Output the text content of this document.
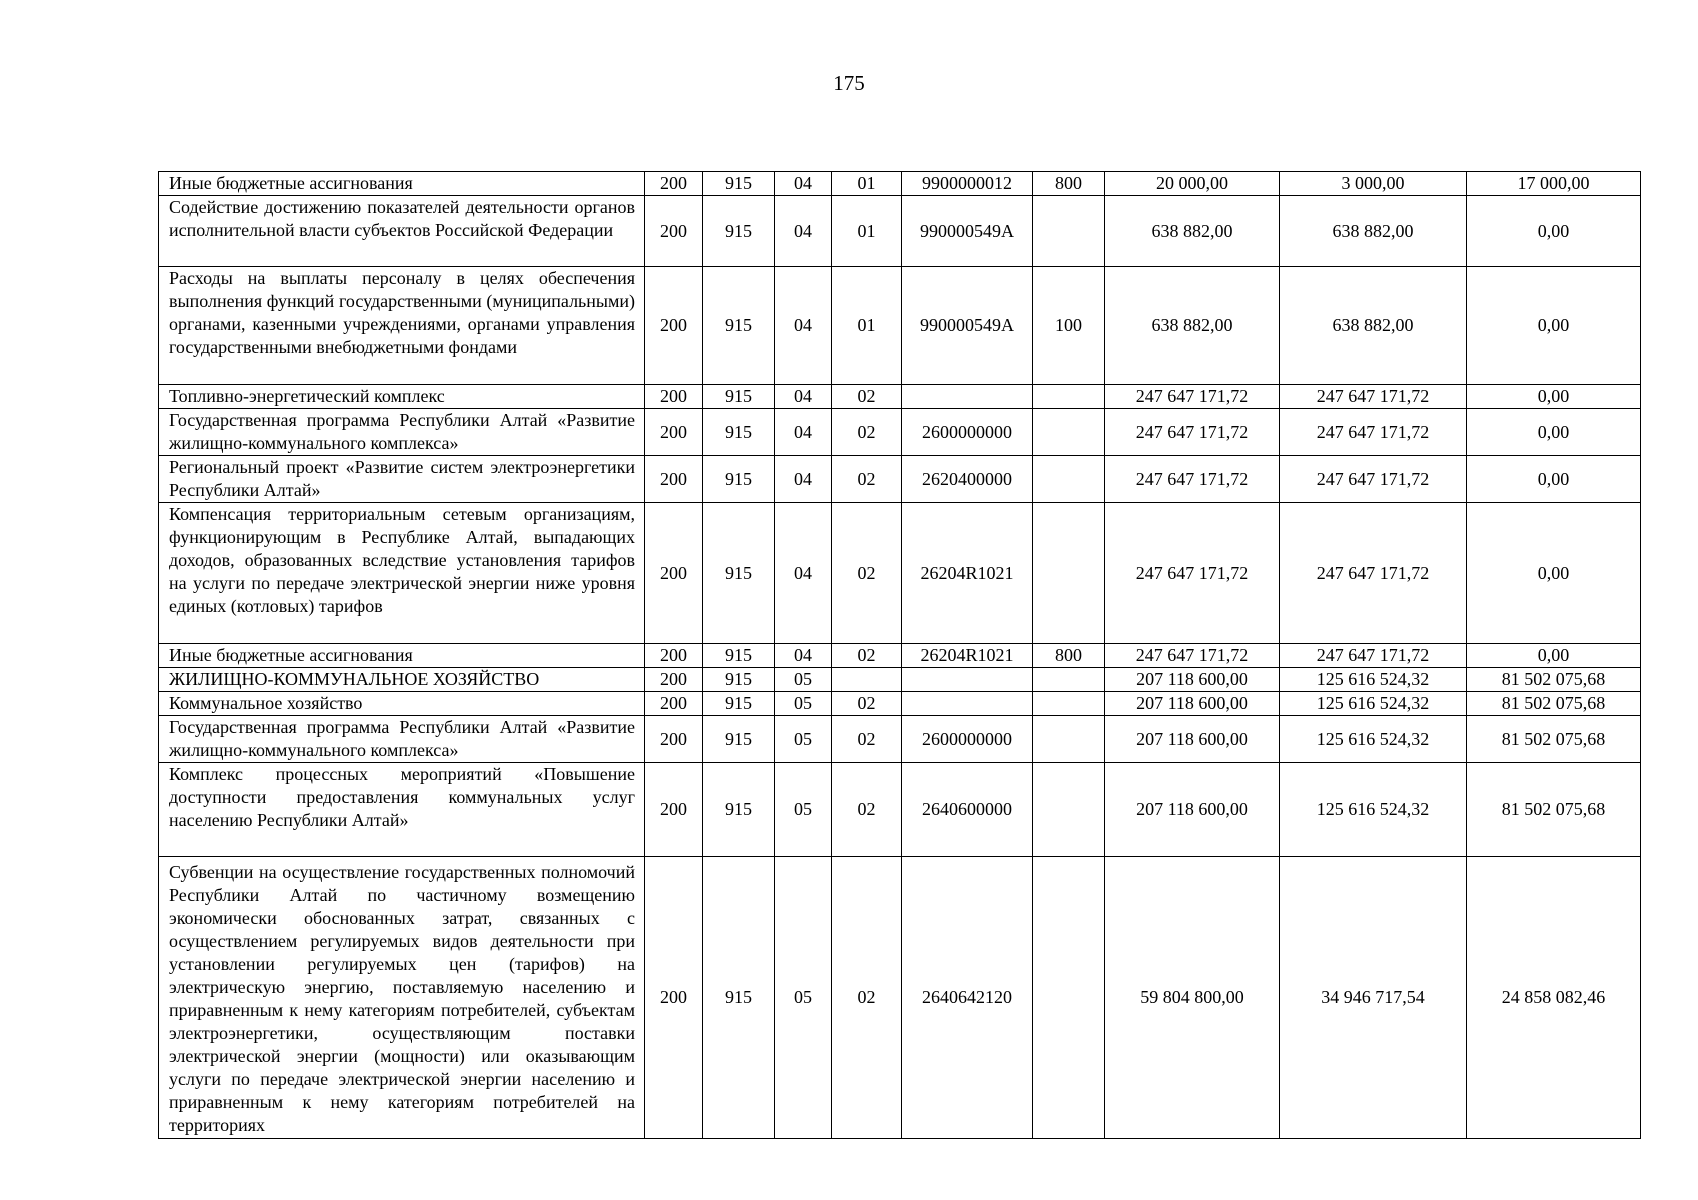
175
Иные бюджетные ассигнования	200	915	04	01	9900000012	800	20 000,00	3 000,00	17 000,00
Содействие достижению показателей деятельности органов исполнительной власти субъектов Российской Федерации	200	915	04	01	990000549А		638 882,00	638 882,00	0,00
Расходы на выплаты персоналу в целях обеспечения выполнения функций государственными (муниципальными) органами, казенными учреждениями, органами управления государственными внебюджетными фондами	200	915	04	01	990000549А	100	638 882,00	638 882,00	0,00
Топливно-энергетический комплекс	200	915	04	02			247 647 171,72	247 647 171,72	0,00
Государственная программа Республики Алтай «Развитие жилищно-коммунального комплекса»	200	915	04	02	2600000000		247 647 171,72	247 647 171,72	0,00
Региональный проект «Развитие систем электроэнергетики Республики Алтай»	200	915	04	02	2620400000		247 647 171,72	247 647 171,72	0,00
Компенсация территориальным сетевым организациям, функционирующим в Республике Алтай, выпадающих доходов, образованных вследствие установления тарифов на услуги по передаче электрической энергии ниже уровня единых (котловых) тарифов	200	915	04	02	26204R1021		247 647 171,72	247 647 171,72	0,00
Иные бюджетные ассигнования	200	915	04	02	26204R1021	800	247 647 171,72	247 647 171,72	0,00
ЖИЛИЩНО-КОММУНАЛЬНОЕ ХОЗЯЙСТВО	200	915	05				207 118 600,00	125 616 524,32	81 502 075,68
Коммунальное хозяйство	200	915	05	02			207 118 600,00	125 616 524,32	81 502 075,68
Государственная программа Республики Алтай «Развитие жилищно-коммунального комплекса»	200	915	05	02	2600000000		207 118 600,00	125 616 524,32	81 502 075,68
Комплекс процессных мероприятий «Повышение доступности предоставления коммунальных услуг населению Республики Алтай»	200	915	05	02	2640600000		207 118 600,00	125 616 524,32	81 502 075,68
Субвенции на осуществление государственных полномочий Республики Алтай по частичному возмещению экономически обоснованных затрат, связанных с осуществлением регулируемых видов деятельности при установлении регулируемых цен (тарифов) на электрическую энергию, поставляемую населению и приравненным к нему категориям потребителей, субъектам электроэнергетики, осуществляющим поставки электрической энергии (мощности) или оказывающим услуги по передаче электрической энергии населению и приравненным к нему категориям потребителей на территориях	200	915	05	02	2640642120		59 804 800,00	34 946 717,54	24 858 082,46
